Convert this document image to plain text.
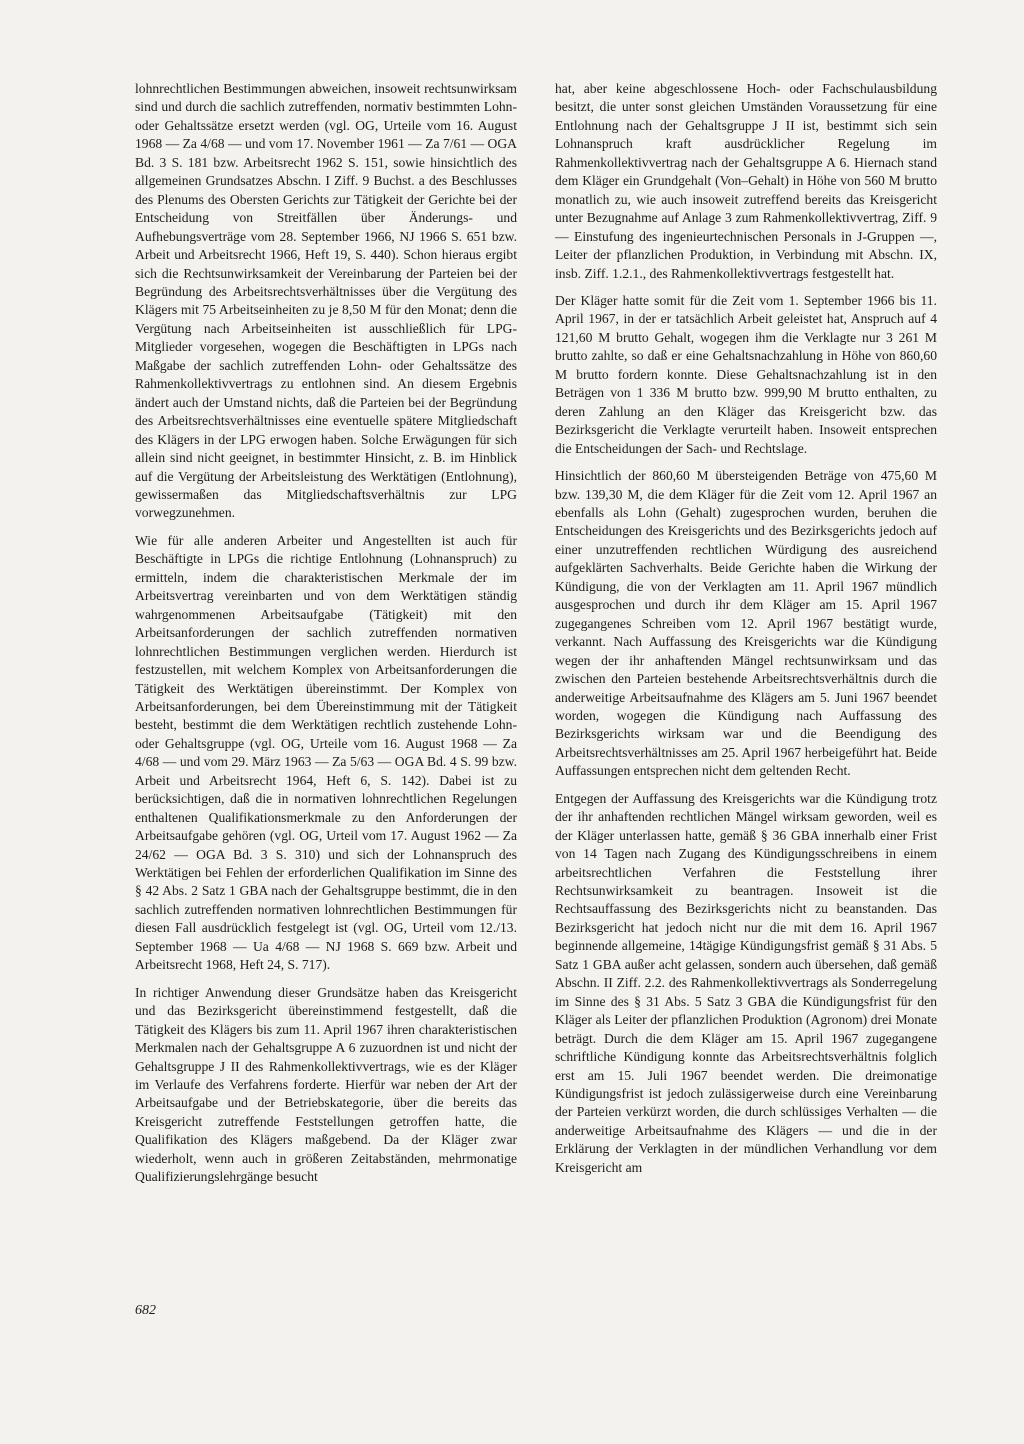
lohnrechtlichen Bestimmungen abweichen, insoweit rechtsunwirksam sind und durch die sachlich zutreffenden, normativ bestimmten Lohn- oder Gehaltssätze ersetzt werden (vgl. OG, Urteile vom 16. August 1968 — Za 4/68 — und vom 17. November 1961 — Za 7/61 — OGA Bd. 3 S. 181 bzw. Arbeitsrecht 1962 S. 151, sowie hinsichtlich des allgemeinen Grundsatzes Abschn. I Ziff. 9 Buchst. a des Beschlusses des Plenums des Obersten Gerichts zur Tätigkeit der Gerichte bei der Entscheidung von Streitfällen über Änderungs- und Aufhebungsverträge vom 28. September 1966, NJ 1966 S. 651 bzw. Arbeit und Arbeitsrecht 1966, Heft 19, S. 440). Schon hieraus ergibt sich die Rechtsunwirksamkeit der Vereinbarung der Parteien bei der Begründung des Arbeitsrechtsverhältnisses über die Vergütung des Klägers mit 75 Arbeitseinheiten zu je 8,50 M für den Monat; denn die Vergütung nach Arbeitseinheiten ist ausschließlich für LPG-Mitglieder vorgesehen, wogegen die Beschäftigten in LPGs nach Maßgabe der sachlich zutreffenden Lohn- oder Gehaltssätze des Rahmenkollektivvertrags zu entlohnen sind. An diesem Ergebnis ändert auch der Umstand nichts, daß die Parteien bei der Begründung des Arbeitsrechtsverhältnisses eine eventuelle spätere Mitgliedschaft des Klägers in der LPG erwogen haben. Solche Erwägungen für sich allein sind nicht geeignet, in bestimmter Hinsicht, z. B. im Hinblick auf die Vergütung der Arbeitsleistung des Werktätigen (Entlohnung), gewissermaßen das Mitgliedschaftsverhältnis zur LPG vorwegzunehmen.

Wie für alle anderen Arbeiter und Angestellten ist auch für Beschäftigte in LPGs die richtige Entlohnung (Lohnanspruch) zu ermitteln, indem die charakteristischen Merkmale der im Arbeitsvertrag vereinbarten und von dem Werktätigen ständig wahrgenommenen Arbeitsaufgabe (Tätigkeit) mit den Arbeitsanforderungen der sachlich zutreffenden normativen lohnrechtlichen Bestimmungen verglichen werden. Hierdurch ist festzustellen, mit welchem Komplex von Arbeitsanforderungen die Tätigkeit des Werktätigen übereinstimmt. Der Komplex von Arbeitsanforderungen, bei dem Übereinstimmung mit der Tätigkeit besteht, bestimmt die dem Werktätigen rechtlich zustehende Lohn- oder Gehaltsgruppe (vgl. OG, Urteile vom 16. August 1968 — Za 4/68 — und vom 29. März 1963 — Za 5/63 — OGA Bd. 4 S. 99 bzw. Arbeit und Arbeitsrecht 1964, Heft 6, S. 142). Dabei ist zu berücksichtigen, daß die in normativen lohnrechtlichen Regelungen enthaltenen Qualifikationsmerkmale zu den Anforderungen der Arbeitsaufgabe gehören (vgl. OG, Urteil vom 17. August 1962 — Za 24/62 — OGA Bd. 3 S. 310) und sich der Lohnanspruch des Werktätigen bei Fehlen der erforderlichen Qualifikation im Sinne des § 42 Abs. 2 Satz 1 GBA nach der Gehaltsgruppe bestimmt, die in den sachlich zutreffenden normativen lohnrechtlichen Bestimmungen für diesen Fall ausdrücklich festgelegt ist (vgl. OG, Urteil vom 12./13. September 1968 — Ua 4/68 — NJ 1968 S. 669 bzw. Arbeit und Arbeitsrecht 1968, Heft 24, S. 717).

In richtiger Anwendung dieser Grundsätze haben das Kreisgericht und das Bezirksgericht übereinstimmend festgestellt, daß die Tätigkeit des Klägers bis zum 11. April 1967 ihren charakteristischen Merkmalen nach der Gehaltsgruppe A 6 zuzuordnen ist und nicht der Gehaltsgruppe J II des Rahmenkollektivvertrags, wie es der Kläger im Verlaufe des Verfahrens forderte. Hierfür war neben der Art der Arbeitsaufgabe und der Betriebskategorie, über die bereits das Kreisgericht zutreffende Feststellungen getroffen hatte, die Qualifikation des Klägers maßgebend. Da der Kläger zwar wiederholt, wenn auch in größeren Zeitabständen, mehrmonatige Qualifizierungslehrgänge besucht

hat, aber keine abgeschlossene Hoch- oder Fachschulausbildung besitzt, die unter sonst gleichen Umständen Voraussetzung für eine Entlohnung nach der Gehaltsgruppe J II ist, bestimmt sich sein Lohnanspruch kraft ausdrücklicher Regelung im Rahmenkollektivvertrag nach der Gehaltsgruppe A 6. Hiernach stand dem Kläger ein Grundgehalt (Von–Gehalt) in Höhe von 560 M brutto monatlich zu, wie auch insoweit zutreffend bereits das Kreisgericht unter Bezugnahme auf Anlage 3 zum Rahmenkollektivvertrag, Ziff. 9 — Einstufung des ingenieurtechnischen Personals in J-Gruppen —, Leiter der pflanzlichen Produktion, in Verbindung mit Abschn. IX, insb. Ziff. 1.2.1., des Rahmenkollektivvertrags festgestellt hat.

Der Kläger hatte somit für die Zeit vom 1. September 1966 bis 11. April 1967, in der er tatsächlich Arbeit geleistet hat, Anspruch auf 4 121,60 M brutto Gehalt, wogegen ihm die Verklagte nur 3 261 M brutto zahlte, so daß er eine Gehaltsnachzahlung in Höhe von 860,60 M brutto fordern konnte. Diese Gehaltsnachzahlung ist in den Beträgen von 1 336 M brutto bzw. 999,90 M brutto enthalten, zu deren Zahlung an den Kläger das Kreisgericht bzw. das Bezirksgericht die Verklagte verurteilt haben. Insoweit entsprechen die Entscheidungen der Sach- und Rechtslage.

Hinsichtlich der 860,60 M übersteigenden Beträge von 475,60 M bzw. 139,30 M, die dem Kläger für die Zeit vom 12. April 1967 an ebenfalls als Lohn (Gehalt) zugesprochen wurden, beruhen die Entscheidungen des Kreisgerichts und des Bezirksgerichts jedoch auf einer unzutreffenden rechtlichen Würdigung des ausreichend aufgeklärten Sachverhalts. Beide Gerichte haben die Wirkung der Kündigung, die von der Verklagten am 11. April 1967 mündlich ausgesprochen und durch ihr dem Kläger am 15. April 1967 zugegangenes Schreiben vom 12. April 1967 bestätigt wurde, verkannt. Nach Auffassung des Kreisgerichts war die Kündigung wegen der ihr anhaftenden Mängel rechtsunwirksam und das zwischen den Parteien bestehende Arbeitsrechtsverhältnis durch die anderweitige Arbeitsaufnahme des Klägers am 5. Juni 1967 beendet worden, wogegen die Kündigung nach Auffassung des Bezirksgerichts wirksam war und die Beendigung des Arbeitsrechtsverhältnisses am 25. April 1967 herbeigeführt hat. Beide Auffassungen entsprechen nicht dem geltenden Recht.

Entgegen der Auffassung des Kreisgerichts war die Kündigung trotz der ihr anhaftenden rechtlichen Mängel wirksam geworden, weil es der Kläger unterlassen hatte, gemäß § 36 GBA innerhalb einer Frist von 14 Tagen nach Zugang des Kündigungsschreibens in einem arbeitsrechtlichen Verfahren die Feststellung ihrer Rechtsunwirksamkeit zu beantragen. Insoweit ist die Rechtsauffassung des Bezirksgerichts nicht zu beanstanden. Das Bezirksgericht hat jedoch nicht nur die mit dem 16. April 1967 beginnende allgemeine, 14tägige Kündigungsfrist gemäß § 31 Abs. 5 Satz 1 GBA außer acht gelassen, sondern auch übersehen, daß gemäß Abschn. II Ziff. 2.2. des Rahmenkollektivvertrags als Sonderregelung im Sinne des § 31 Abs. 5 Satz 3 GBA die Kündigungsfrist für den Kläger als Leiter der pflanzlichen Produktion (Agronom) drei Monate beträgt. Durch die dem Kläger am 15. April 1967 zugegangene schriftliche Kündigung konnte das Arbeitsrechtsverhältnis folglich erst am 15. Juli 1967 beendet werden. Die dreimonatige Kündigungsfrist ist jedoch zulässigerweise durch eine Vereinbarung der Parteien verkürzt worden, die durch schlüssiges Verhalten — die anderweitige Arbeitsaufnahme des Klägers — und die in der Erklärung der Verklagten in der mündlichen Verhandlung vor dem Kreisgericht am

682
